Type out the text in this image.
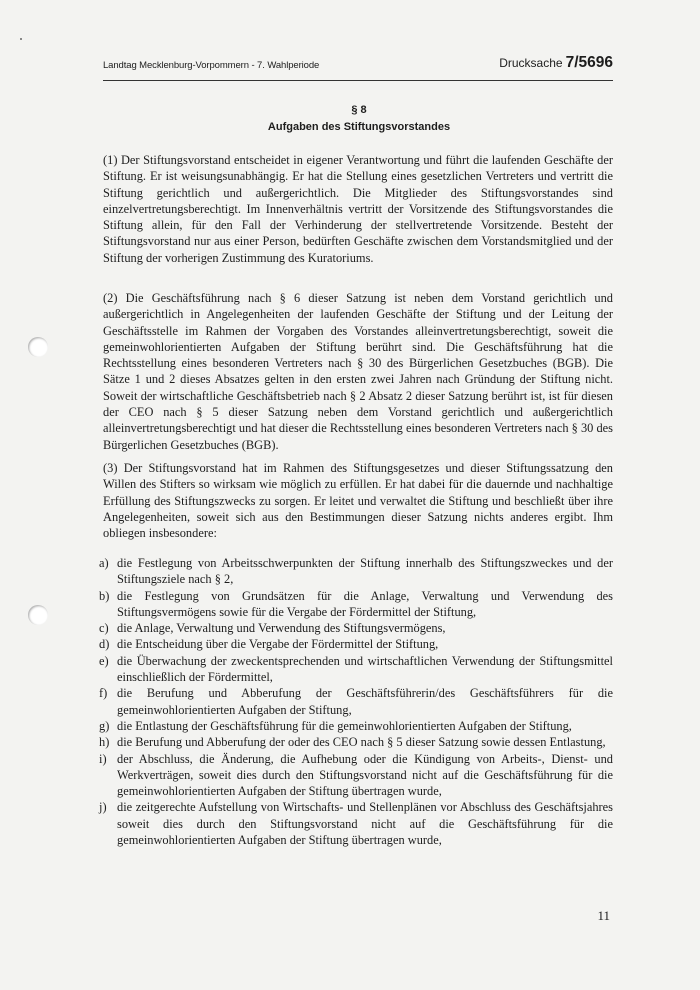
Landtag Mecklenburg-Vorpommern - 7. Wahlperiode	Drucksache 7/5696
§ 8
Aufgaben des Stiftungsvorstandes

(1) Der Stiftungsvorstand entscheidet in eigener Verantwortung und führt die laufenden Geschäfte der Stiftung. Er ist weisungsunabhängig. Er hat die Stellung eines gesetzlichen Vertreters und vertritt die Stiftung gerichtlich und außergerichtlich. Die Mitglieder des Stiftungsvorstandes sind einzelvertretungsberechtigt. Im Innenverhältnis vertritt der Vorsitzende des Stiftungsvorstandes die Stiftung allein, für den Fall der Verhinderung der stellvertretende Vorsitzende. Besteht der Stiftungsvorstand nur aus einer Person, bedürften Geschäfte zwischen dem Vorstandsmitglied und der Stiftung der vorherigen Zustimmung des Kuratoriums.

(2) Die Geschäftsführung nach § 6 dieser Satzung ist neben dem Vorstand gerichtlich und außergerichtlich in Angelegenheiten der laufenden Geschäfte der Stiftung und der Leitung der Geschäftsstelle im Rahmen der Vorgaben des Vorstandes alleinvertretungsberechtigt, soweit die gemeinwohlorientierten Aufgaben der Stiftung berührt sind. Die Geschäftsführung hat die Rechtsstellung eines besonderen Vertreters nach § 30 des Bürgerlichen Gesetzbuches (BGB). Die Sätze 1 und 2 dieses Absatzes gelten in den ersten zwei Jahren nach Gründung der Stiftung nicht. Soweit der wirtschaftliche Geschäftsbetrieb nach § 2 Absatz 2 dieser Satzung berührt ist, ist für diesen der CEO nach § 5 dieser Satzung neben dem Vorstand gerichtlich und außergerichtlich alleinvertretungsberechtigt und hat dieser die Rechtsstellung eines besonderen Vertreters nach § 30 des Bürgerlichen Gesetzbuches (BGB).

(3) Der Stiftungsvorstand hat im Rahmen des Stiftungsgesetzes und dieser Stiftungssatzung den Willen des Stifters so wirksam wie möglich zu erfüllen. Er hat dabei für die dauernde und nachhaltige Erfüllung des Stiftungszwecks zu sorgen. Er leitet und verwaltet die Stiftung und beschließt über ihre Angelegenheiten, soweit sich aus den Bestimmungen dieser Satzung nichts anderes ergibt. Ihm obliegen insbesondere:

a) die Festlegung von Arbeitsschwerpunkten der Stiftung innerhalb des Stiftungszweckes und der Stiftungsziele nach § 2,
b) die Festlegung von Grundsätzen für die Anlage, Verwaltung und Verwendung des Stiftungsvermögens sowie für die Vergabe der Fördermittel der Stiftung,
c) die Anlage, Verwaltung und Verwendung des Stiftungsvermögens,
d) die Entscheidung über die Vergabe der Fördermittel der Stiftung,
e) die Überwachung der zweckentsprechenden und wirtschaftlichen Verwendung der Stiftungsmittel einschließlich der Fördermittel,
f) die Berufung und Abberufung der Geschäftsführerin/des Geschäftsführers für die gemeinwohlorientierten Aufgaben der Stiftung,
g) die Entlastung der Geschäftsführung für die gemeinwohlorientierten Aufgaben der Stiftung,
h) die Berufung und Abberufung der oder des CEO nach § 5 dieser Satzung sowie dessen Entlastung,
i) der Abschluss, die Änderung, die Aufhebung oder die Kündigung von Arbeits-, Dienst- und Werkverträgen, soweit dies durch den Stiftungsvorstand nicht auf die Geschäftsführung für die gemeinwohlorientierten Aufgaben der Stiftung übertragen wurde,
j) die zeitgerechte Aufstellung von Wirtschafts- und Stellenplänen vor Abschluss des Geschäftsjahres soweit dies durch den Stiftungsvorstand nicht auf die Geschäftsführung für die gemeinwohlorientierten Aufgaben der Stiftung übertragen wurde,
11
